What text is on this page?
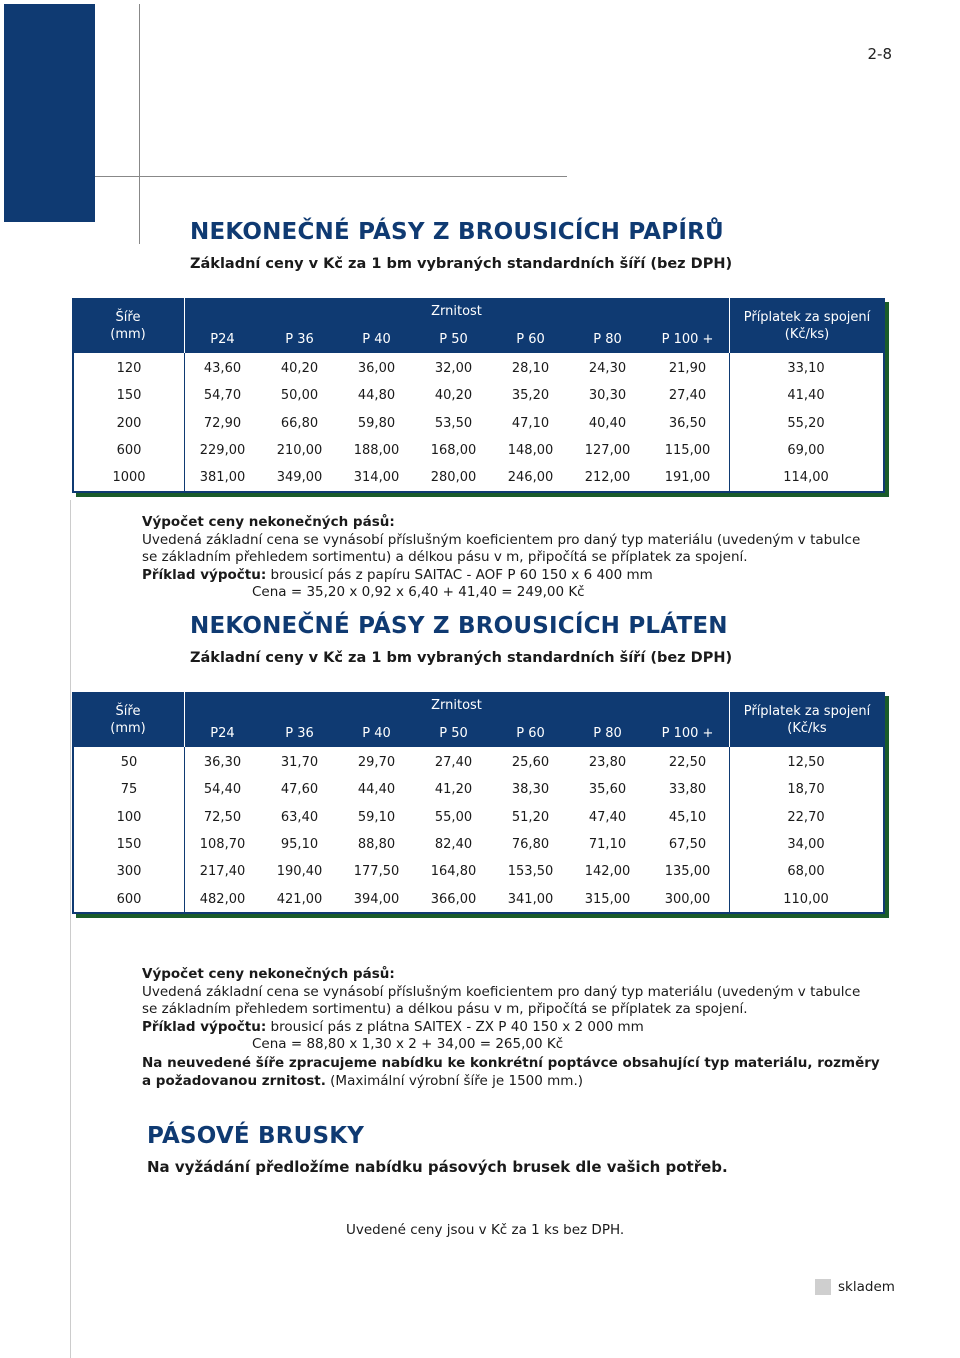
2-8
NEKONEČNÉ PÁSY Z BROUSICÍCH PAPÍRŮ
Základní ceny v Kč za 1 bm vybraných standardních šíří (bez DPH)
Šíře
(mm)
Zrnitost
P24	P 36	P 40	P 50	P 60	P 80	P 100 +
Příplatek za spojení
(Kč/ks)
120	43,60	40,20	36,00	32,00	28,10	24,30	21,90	33,10
150	54,70	50,00	44,80	40,20	35,20	30,30	27,40	41,40
200	72,90	66,80	59,80	53,50	47,10	40,40	36,50	55,20
600	229,00	210,00	188,00	168,00	148,00	127,00	115,00	69,00
1000	381,00	349,00	314,00	280,00	246,00	212,00	191,00	114,00
Výpočet ceny nekonečných pásů:
Uvedená základní cena se vynásobí příslušným koeficientem pro daný typ materiálu (uvedeným v tabulce
se základním přehledem sortimentu) a délkou pásu v m, připočítá se příplatek za spojení.
Příklad výpočtu: brousicí pás z papíru SAITAC - AOF P 60 150 x 6 400 mm
Cena = 35,20 x 0,92 x 6,40 + 41,40 = 249,00 Kč
NEKONEČNÉ PÁSY Z BROUSICÍCH PLÁTEN
Základní ceny v Kč za 1 bm vybraných standardních šíří (bez DPH)
Šíře
(mm)
Zrnitost
P24	P 36	P 40	P 50	P 60	P 80	P 100 +
Příplatek za spojení
(Kč/ks
50	36,30	31,70	29,70	27,40	25,60	23,80	22,50	12,50
75	54,40	47,60	44,40	41,20	38,30	35,60	33,80	18,70
100	72,50	63,40	59,10	55,00	51,20	47,40	45,10	22,70
150	108,70	95,10	88,80	82,40	76,80	71,10	67,50	34,00
300	217,40	190,40	177,50	164,80	153,50	142,00	135,00	68,00
600	482,00	421,00	394,00	366,00	341,00	315,00	300,00	110,00
Výpočet ceny nekonečných pásů:
Uvedená základní cena se vynásobí příslušným koeficientem pro daný typ materiálu (uvedeným v tabulce
se základním přehledem sortimentu) a délkou pásu v m, připočítá se příplatek za spojení.
Příklad výpočtu: brousicí pás z plátna SAITEX - ZX P 40 150 x 2 000 mm
Cena = 88,80 x 1,30 x 2 + 34,00 = 265,00 Kč
Na neuvedené šíře zpracujeme nabídku ke konkrétní poptávce obsahující typ materiálu, rozměry
a požadovanou zrnitost. (Maximální výrobní šíře je 1500 mm.)
PÁSOVÉ BRUSKY
Na vyžádání předložíme nabídku pásových brusek dle vašich potřeb.
Uvedené ceny jsou v Kč za 1 ks bez DPH.
skladem
